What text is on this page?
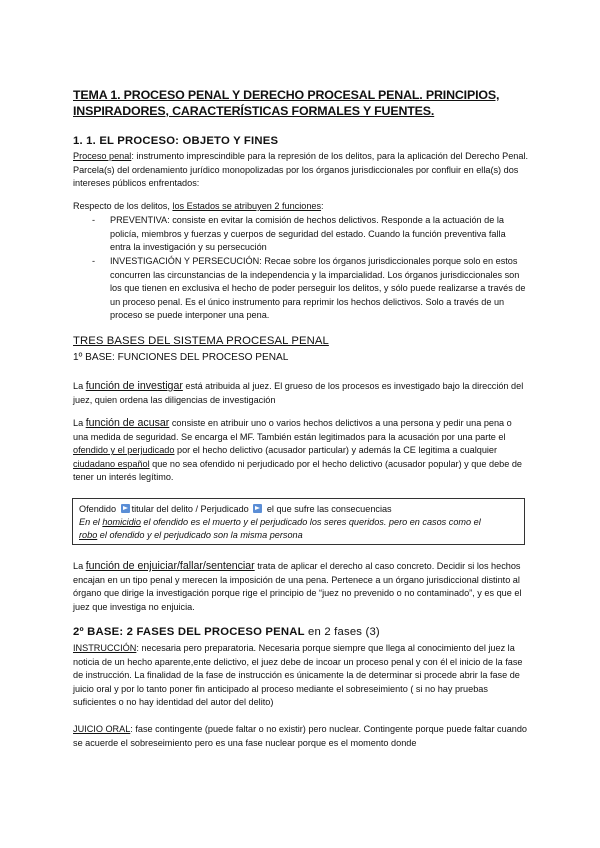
TEMA 1. PROCESO PENAL Y DERECHO PROCESAL PENAL. PRINCIPIOS, INSPIRADORES, CARACTERÍSTICAS FORMALES Y FUENTES.
1. 1. EL PROCESO: OBJETO Y FINES
Proceso penal: instrumento imprescindible para la represión de los delitos, para la aplicación del Derecho Penal. Parcela(s) del ordenamiento jurídico monopolizadas por los órganos jurisdiccionales por confluir en ella(s) dos intereses públicos enfrentados:
Respecto de los delitos, los Estados se atribuyen 2 funciones:
- PREVENTIVA: consiste en evitar la comisión de hechos delictivos. Responde a la actuación de la policía, miembros y fuerzas y cuerpos de seguridad del estado. Cuando la función preventiva falla entra la investigación y su persecución
- INVESTIGACIÓN Y PERSECUCIÓN: Recae sobre los órganos jurisdiccionales porque solo en estos concurren las circunstancias de la independencia y la imparcialidad. Los órganos jurisdiccionales son los que tienen en exclusiva el hecho de poder perseguir los delitos, y sólo puede realizarse a través de un proceso penal. Es el único instrumento para reprimir los hechos delictivos. Solo a través de un proceso se puede interponer una pena.
TRES BASES DEL SISTEMA PROCESAL PENAL
1º BASE: FUNCIONES DEL PROCESO PENAL
La función de investigar está atribuida al juez. El grueso de los procesos es investigado bajo la dirección del juez, quien ordena las diligencias de investigación
La función de acusar consiste en atribuir uno o varios hechos delictivos a una persona y pedir una pena o una medida de seguridad. Se encarga el MF. También están legitimados para la acusación por una parte el ofendido y el perjudicado por el hecho delictivo (acusador particular) y además la CE legitima a cualquier ciudadano español que no sea ofendido ni perjudicado por el hecho delictivo (acusador popular) y que debe de tener un interés legítimo.
Ofendido titular del delito / Perjudicado  el que sufre las consecuencias
En el homicidio el ofendido es el muerto y el perjudicado los seres queridos. pero en casos como el
robo el ofendido y el perjudicado son la misma persona
La función de enjuiciar/fallar/sentenciar trata de aplicar el derecho al caso concreto. Decidir si los hechos encajan en un tipo penal y merecen la imposición de una pena. Pertenece a un órgano jurisdiccional distinto al órgano que dirige la investigación porque rige el principio de “juez no prevenido o no contaminado”, y es que el juez que investiga no enjuicia.
2º BASE: 2 FASES DEL PROCESO PENAL en 2 fases (3)
INSTRUCCIÓN: necesaria pero preparatoria. Necesaria porque siempre que llega al conocimiento del juez la noticia de un hecho aparente,ente delictivo, el juez debe de incoar un proceso penal y con él el inicio de la fase de instrucción. La finalidad de la fase de instrucción es únicamente la de determinar si procede abrir la fase de juicio oral y por lo tanto poner fin anticipado al proceso mediante el sobreseimiento ( si no hay pruebas suficientes o no hay identidad del autor del delito)
JUICIO ORAL: fase contingente (puede faltar o no existir) pero nuclear. Contingente porque puede faltar cuando se acuerde el sobreseimiento pero es una fase nuclear porque es el momento donde
